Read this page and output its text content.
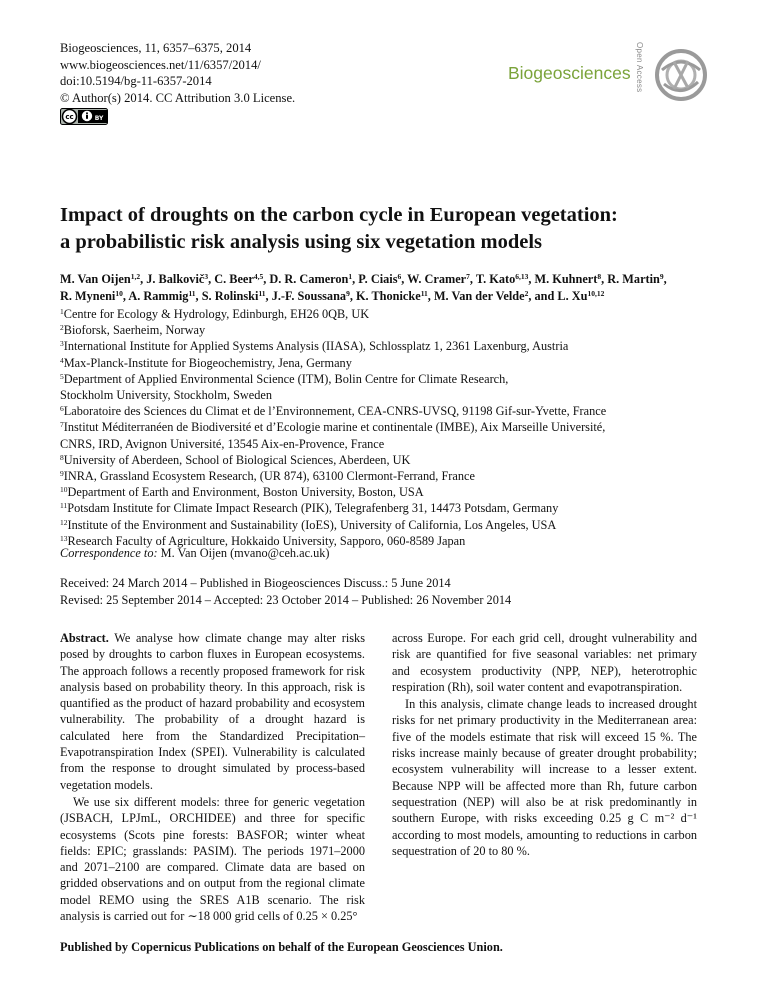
Biogeosciences, 11, 6357–6375, 2014
www.biogeosciences.net/11/6357/2014/
doi:10.5194/bg-11-6357-2014
© Author(s) 2014. CC Attribution 3.0 License.
cc	BY
Biogeosciences Open Access
Impact of droughts on the carbon cycle in European vegetation:
a probabilistic risk analysis using six vegetation models
M. Van Oijen$^{1,2}$, J. Balkovič$^3$, C. Beer$^{4,5}$, D. R. Cameron$^1$, P. Ciais$^6$, W. Cramer$^7$, T. Kato$^{6,13}$, M. Kuhnert$^8$, R. Martin$^9$,
R. Myneni$^{10}$, A. Rammig$^{11}$, S. Rolinski$^{11}$, J.-F. Soussana$^9$, K. Thonicke$^{11}$, M. Van der Velde$^2$, and L. Xu$^{10,12}$
$^1$Centre for Ecology & Hydrology, Edinburgh, EH26 0QB, UK
$^2$Bioforsk, Saerheim, Norway
$^3$International Institute for Applied Systems Analysis (IIASA), Schlossplatz 1, 2361 Laxenburg, Austria
$^4$Max-Planck-Institute for Biogeochemistry, Jena, Germany
$^5$Department of Applied Environmental Science (ITM), Bolin Centre for Climate Research,
Stockholm University, Stockholm, Sweden
$^6$Laboratoire des Sciences du Climat et de l’Environnement, CEA-CNRS-UVSQ, 91198 Gif-sur-Yvette, France
$^7$Institut Méditerranéen de Biodiversité et d’Ecologie marine et continentale (IMBE), Aix Marseille Université,
CNRS, IRD, Avignon Université, 13545 Aix-en-Provence, France
$^8$University of Aberdeen, School of Biological Sciences, Aberdeen, UK
$^9$INRA, Grassland Ecosystem Research, (UR 874), 63100 Clermont-Ferrand, France
$^{10}$Department of Earth and Environment, Boston University, Boston, USA
$^{11}$Potsdam Institute for Climate Impact Research (PIK), Telegrafenberg 31, 14473 Potsdam, Germany
$^{12}$Institute of the Environment and Sustainability (IoES), University of California, Los Angeles, USA
$^{13}$Research Faculty of Agriculture, Hokkaido University, Sapporo, 060-8589 Japan
Correspondence to: M. Van Oijen (mvano@ceh.ac.uk)
Received: 24 March 2014 – Published in Biogeosciences Discuss.: 5 June 2014
Revised: 25 September 2014 – Accepted: 23 October 2014 – Published: 26 November 2014

Abstract. We analyse how climate change may alter risks posed by droughts to carbon fluxes in European ecosystems. The approach follows a recently proposed framework for risk analysis based on probability theory. In this approach, risk is quantified as the product of hazard probability and ecosystem vulnerability. The probability of a drought hazard is calculated here from the Standardized Precipitation–Evapotranspiration Index (SPEI). Vulnerability is calculated from the response to drought simulated by process-based vegetation models.

We use six different models: three for generic vegetation (JSBACH, LPJmL, ORCHIDEE) and three for specific ecosystems (Scots pine forests: BASFOR; winter wheat fields: EPIC; grasslands: PASIM). The periods 1971–2000 and 2071–2100 are compared. Climate data are based on gridded observations and on output from the regional climate model REMO using the SRES A1B scenario. The risk analysis is carried out for ∼18 000 grid cells of 0.25 × 0.25°

across Europe. For each grid cell, drought vulnerability and risk are quantified for five seasonal variables: net primary and ecosystem productivity (NPP, NEP), heterotrophic respiration (Rh), soil water content and evapotranspiration.

In this analysis, climate change leads to increased drought risks for net primary productivity in the Mediterranean area: five of the models estimate that risk will exceed 15 %. The risks increase mainly because of greater drought probability; ecosystem vulnerability will increase to a lesser extent. Because NPP will be affected more than Rh, future carbon sequestration (NEP) will also be at risk predominantly in southern Europe, with risks exceeding 0.25 g C m⁻² d⁻¹ according to most models, amounting to reductions in carbon sequestration of 20 to 80 %.

Published by Copernicus Publications on behalf of the European Geosciences Union.
